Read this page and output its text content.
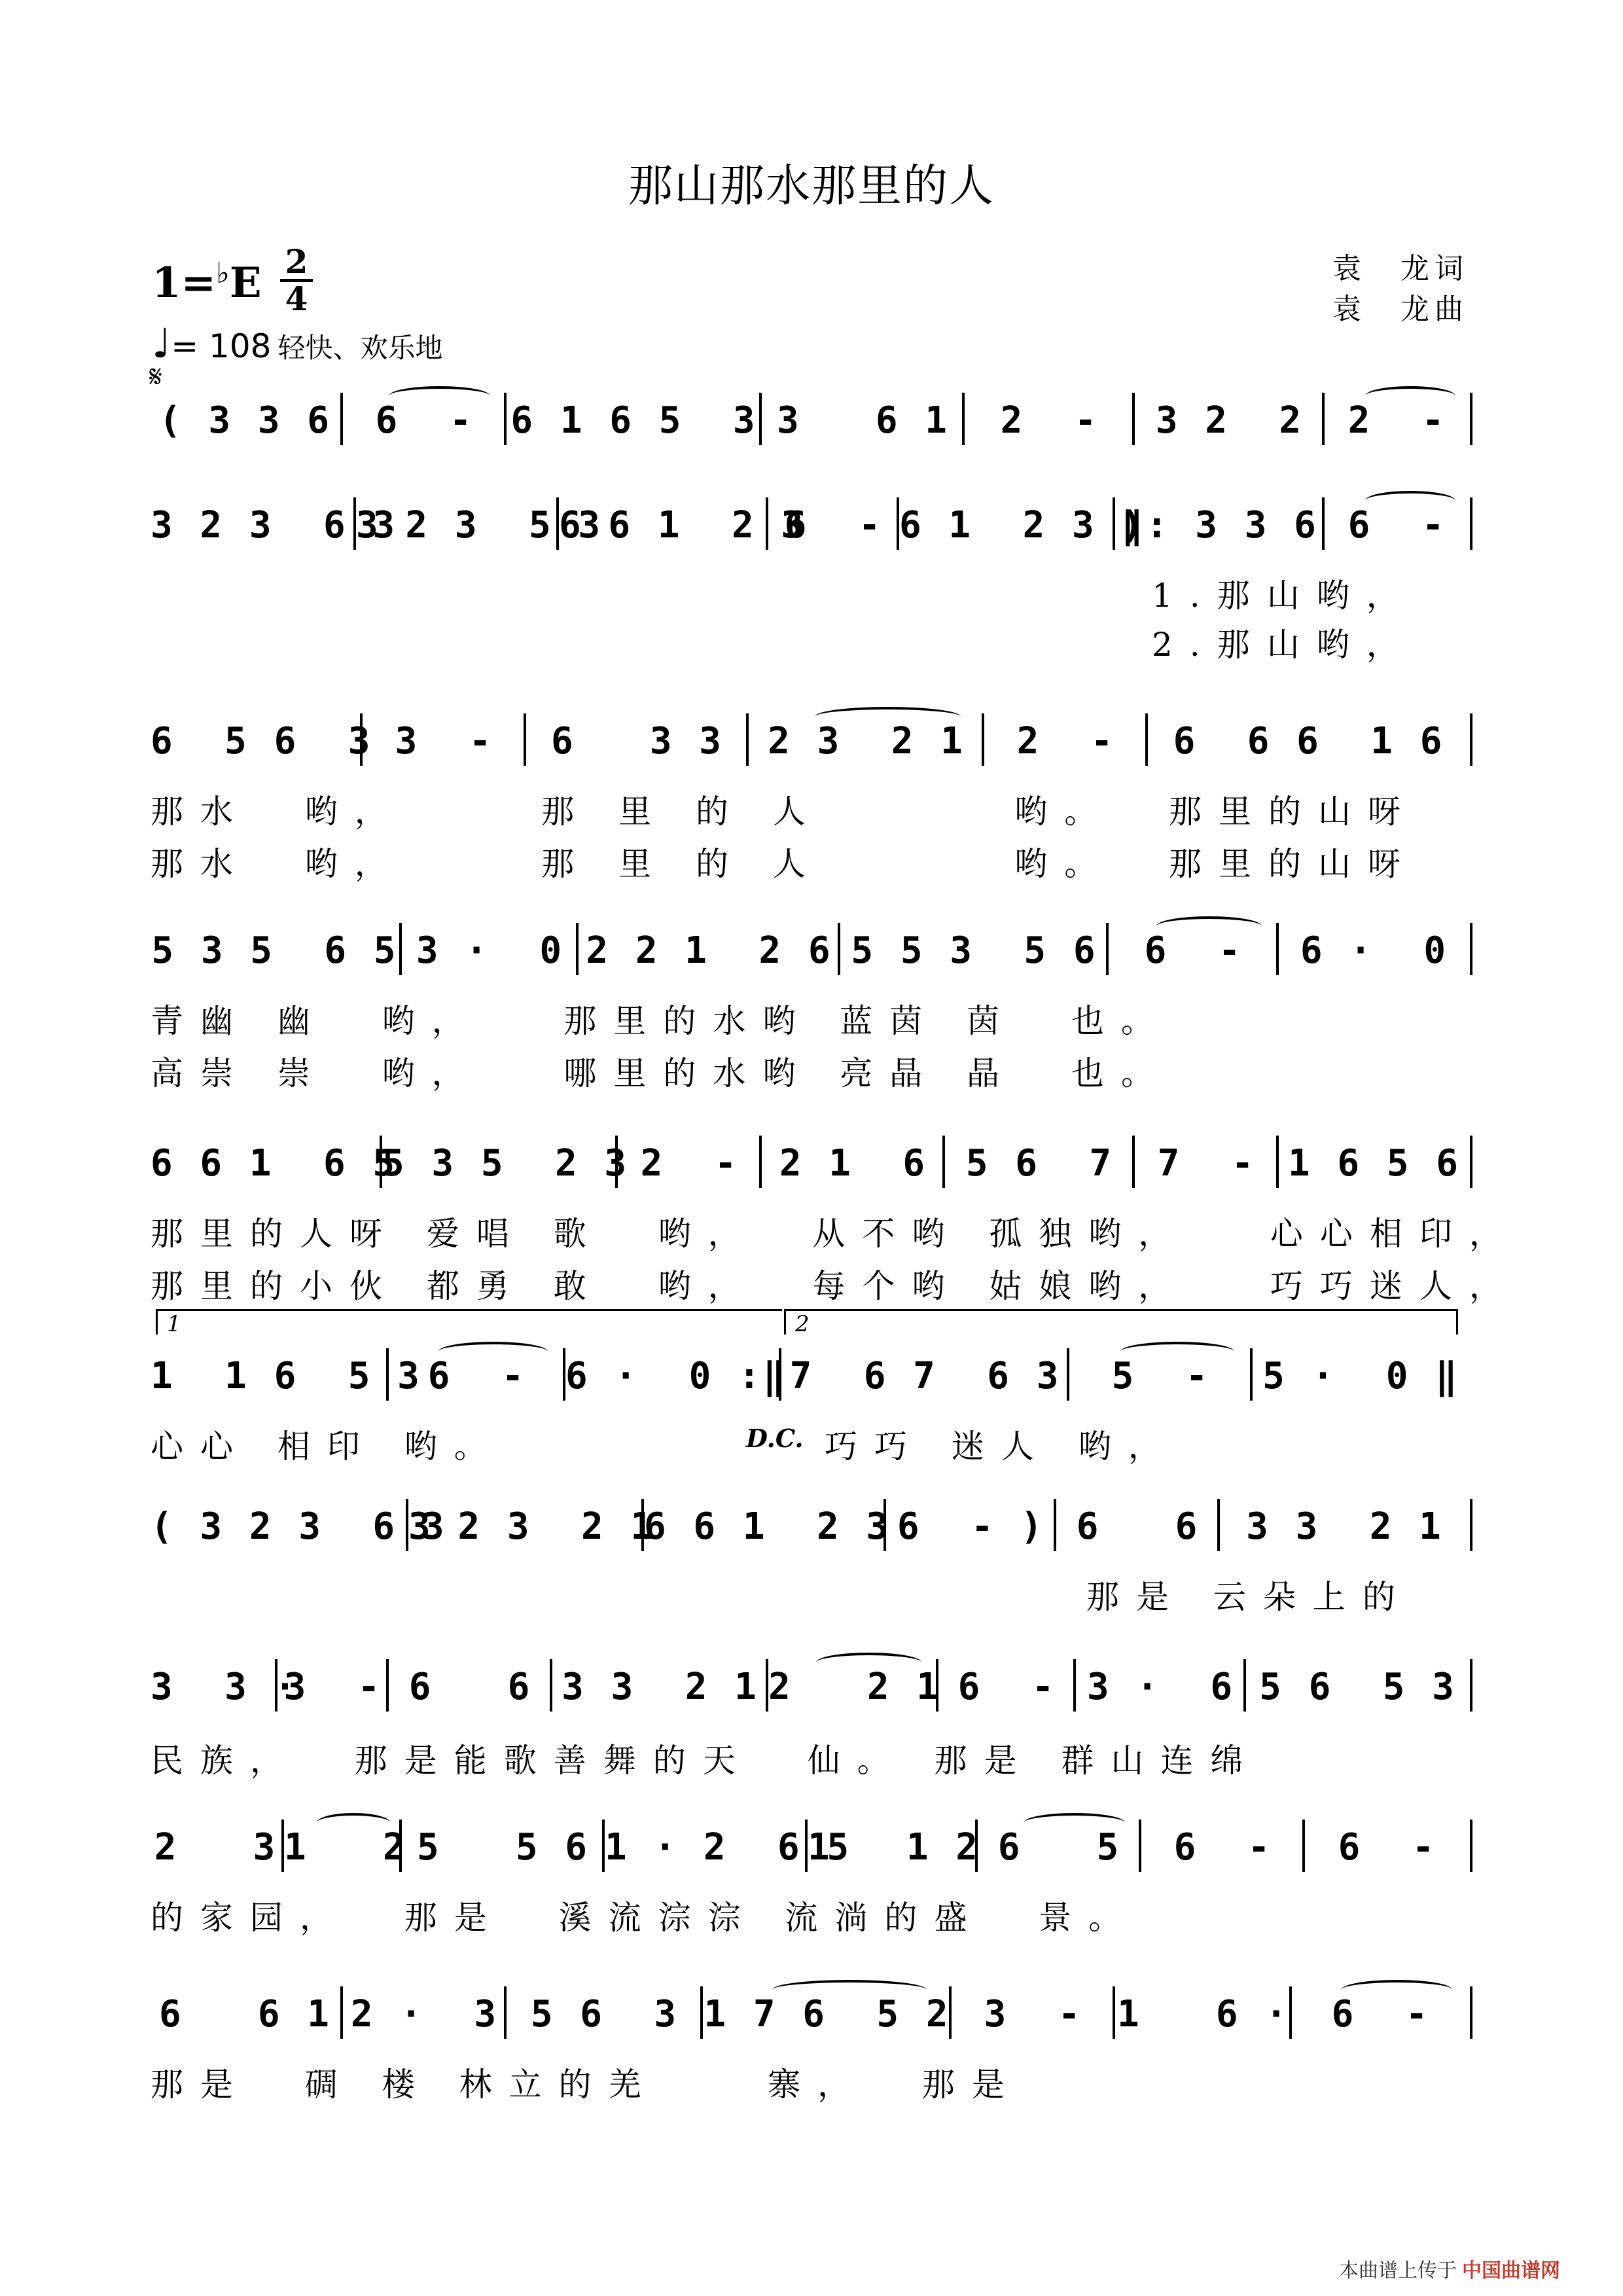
那山那水那里的人
1=♭E 2
4
♩= 108 轻快、欢乐地
袁　龙词
袁　龙曲
𝄋
( 3 3 6	6  -	6 1 6 5  3 3   6 1	2  -	3 2  2	2  -
3 2 3  6 3
3 2 3  5 3
6 6 1  2 3
6  - 6 1  2 3 )
‖: 3 3 6 6  -
1.那山哟，
2.那山哟，
6  5 6  3 3  -	6   3 3	2 3  2 1	2  -	6  6 6  1 6
那水  哟，     那 里 的 人       哟。  那里的山呀
那水  哟，     那 里 的 人       哟。  那里的山呀
5 3 5  6 5 3 ·  0 2 2 1  2 6 5 5 3  5 6	6  -	6 ·  0
青幽 幽  哟，   那里的水哟 蓝茵 茵  也。
高崇 崇  哟，   哪里的水哟 亮晶 晶  也。
6 6 1  6 5
5 3 5  2 3 2  -	2 1  6	5 6  7	7  - 1 6 5 6
那里的人呀 爱唱 歌  哟，  从不哟 孤独哟，   心心相印，
那里的小伙 都勇 敢  哟，  每个哟 姑娘哟，   巧巧迷人，
1	2
1  1 6  5 3 6  -	6 ·  0 :‖ 7  6 7  6 3	5  -	5 ·  0 ‖
心心 相印 哟。	D.C. 巧巧 迷人 哟，
( 3 2 3  6 3
3 2 3  2 1
6 6 1  2 3 6  - ) 6   6	3 3  2 1
那是 云朵上的
3  3 ·
3  - 6   6 3 3  2 1 2   2 1 6  - 3 ·  6 5 6  5 3
民族，  那是能歌善舞的天  仙。 那是 群山连绵
2   3 1   2 5   5 6 1 · 2  6 5
1   1 2 6   5	6  -	6  -
的家园，  那是  溪流淙淙 流淌的盛  景。
6   6 1 2 ·  3 5 6  3 1 7 6  5 2 3  - 1   6 ·	6  -
那是  碉 楼 林立的羌    寨，  那是
本曲谱上传于 中国曲谱网
